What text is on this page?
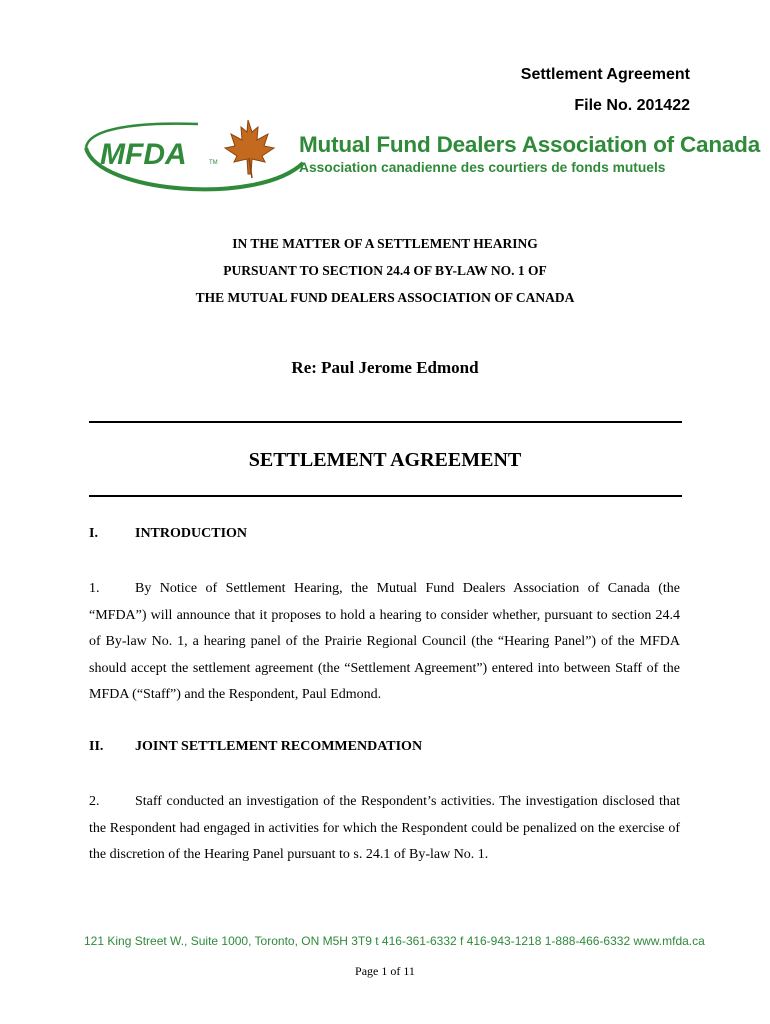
Settlement Agreement
File No. 201422
MFDA	TM
Mutual Fund Dealers Association of Canada
Association canadienne des courtiers de fonds mutuels
IN THE MATTER OF A SETTLEMENT HEARING
PURSUANT TO SECTION 24.4 OF BY-LAW NO. 1 OF
THE MUTUAL FUND DEALERS ASSOCIATION OF CANADA
Re: Paul Jerome Edmond
SETTLEMENT AGREEMENT
I.	INTRODUCTION
1.	By Notice of Settlement Hearing, the Mutual Fund Dealers Association of Canada (the “MFDA”) will announce that it proposes to hold a hearing to consider whether, pursuant to section 24.4 of By-law No. 1, a hearing panel of the Prairie Regional Council (the “Hearing Panel”) of the MFDA should accept the settlement agreement (the “Settlement Agreement”) entered into between Staff of the MFDA (“Staff”) and the Respondent, Paul Edmond.
II. JOINT SETTLEMENT RECOMMENDATION
2.	Staff conducted an investigation of the Respondent’s activities. The investigation disclosed that the Respondent had engaged in activities for which the Respondent could be penalized on the exercise of the discretion of the Hearing Panel pursuant to s. 24.1 of By-law No. 1.
121 King Street W., Suite 1000, Toronto, ON M5H 3T9 t 416-361-6332 f 416-943-1218 1-888-466-6332 www.mfda.ca
Page 1 of 11
